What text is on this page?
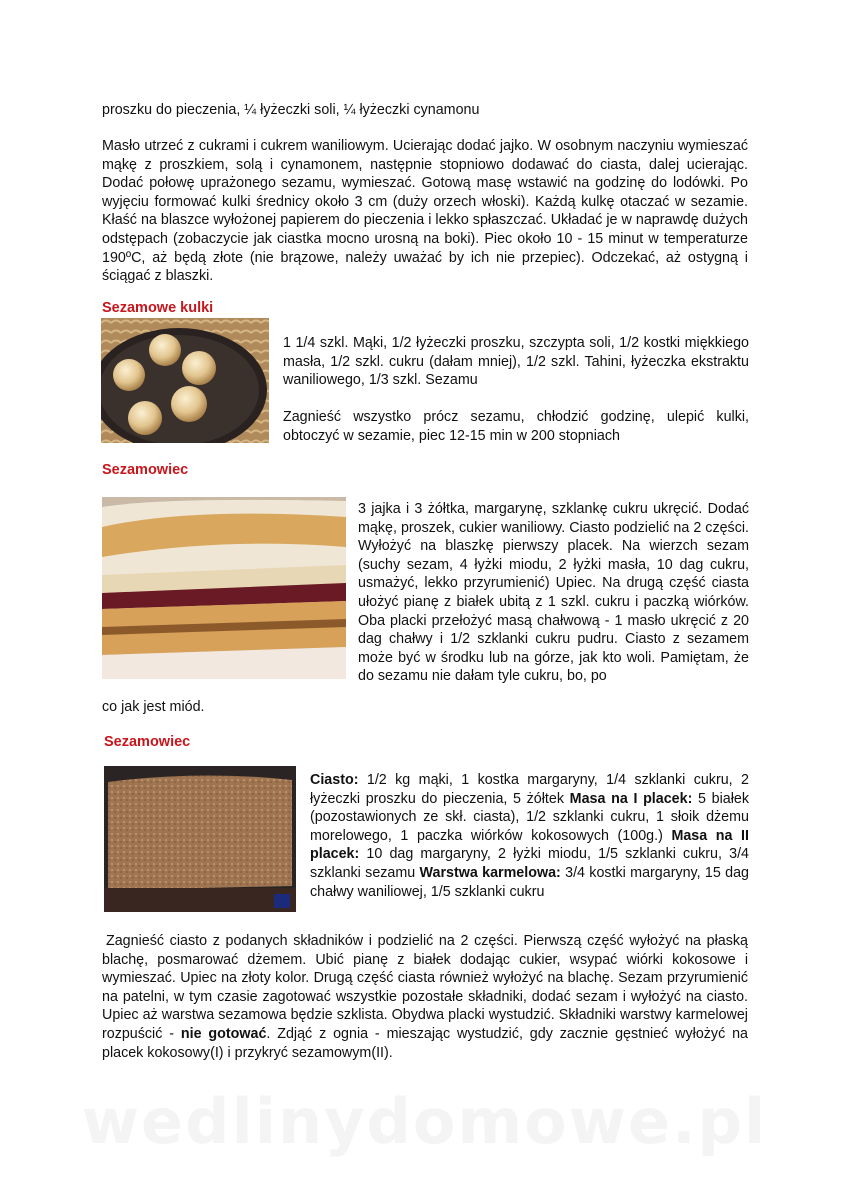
proszku do pieczenia, ¼ łyżeczki soli, ¼ łyżeczki cynamonu
Masło utrzeć z cukrami i cukrem waniliowym. Ucierając dodać jajko. W osobnym naczyniu wymieszać mąkę z proszkiem, solą i cynamonem, następnie stopniowo dodawać do ciasta, dalej ucierając. Dodać połowę uprażonego sezamu, wymieszać. Gotową masę wstawić na godzinę do lodówki. Po wyjęciu formować kulki średnicy około 3 cm (duży orzech włoski). Każdą kulkę otaczać w sezamie. Kłaść na blaszce wyłożonej papierem do pieczenia i lekko spłaszczać. Układać je w naprawdę dużych odstępach (zobaczycie jak ciastka mocno urosną na boki). Piec około 10 - 15 minut w temperaturze 190ºC, aż będą złote (nie brązowe, należy uważać by ich nie przepiec). Odczekać, aż ostygną i ściągać z blaszki.
Sezamowe kulki
1 1/4 szkl. Mąki, 1/2 łyżeczki proszku, szczypta soli, 1/2 kostki miękkiego masła, 1/2 szkl. cukru (dałam mniej), 1/2 szkl. Tahini, łyżeczka ekstraktu waniliowego, 1/3 szkl. Sezamu
Zagnieść wszystko prócz sezamu, chłodzić godzinę, ulepić kulki, obtoczyć w sezamie, piec 12-15 min w 200 stopniach
Sezamowiec
3 jajka i 3 żółtka, margarynę, szklankę cukru ukręcić. Dodać mąkę, proszek, cukier waniliowy. Ciasto podzielić na 2 części. Wyłożyć na blaszkę pierwszy placek. Na wierzch sezam (suchy sezam, 4 łyżki miodu, 2 łyżki masła, 10 dag cukru, usmażyć, lekko przyrumienić) Upiec. Na drugą część ciasta ułożyć pianę z białek ubitą z 1 szkl. cukru i paczką wiórków. Oba placki przełożyć masą chałwową - 1 masło ukręcić z 20 dag chałwy i 1/2 szklanki cukru pudru. Ciasto z sezamem może być w środku lub na górze, jak kto woli. Pamiętam, że do sezamu nie dałam tyle cukru, bo, po
co jak jest miód.
Sezamowiec
Ciasto: 1/2 kg mąki, 1 kostka margaryny, 1/4 szklanki cukru, 2 łyżeczki proszku do pieczenia, 5 żółtek Masa na I placek: 5 białek (pozostawionych ze skł. ciasta), 1/2 szklanki cukru, 1 słoik dżemu morelowego, 1 paczka wiórków kokosowych (100g.) Masa na II placek: 10 dag margaryny, 2 łyżki miodu, 1/5 szklanki cukru, 3/4 szklanki sezamu Warstwa karmelowa: 3/4 kostki margaryny, 15 dag chałwy waniliowej, 1/5 szklanki cukru
Zagnieść ciasto z podanych składników i podzielić na 2 części. Pierwszą część wyłożyć na płaską blachę, posmarować dżemem. Ubić pianę z białek dodając cukier, wsypać wiórki kokosowe i wymieszać. Upiec na złoty kolor. Drugą część ciasta również wyłożyć na blachę. Sezam przyrumienić na patelni, w tym czasie zagotować wszystkie pozostałe składniki, dodać sezam i wyłożyć na ciasto. Upiec aż warstwa sezamowa będzie szklista. Obydwa placki wystudzić. Składniki warstwy karmelowej rozpuścić - nie gotować. Zdjąć z ognia - mieszając wystudzić, gdy zacznie gęstnieć wyłożyć na placek kokosowy(I) i przykryć sezamowym(II).
wedlinydomowe.pl
